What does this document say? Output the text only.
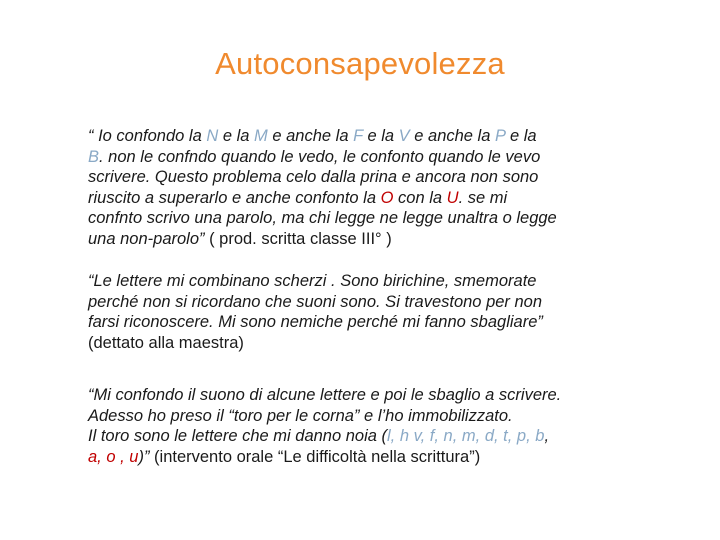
Autoconsapevolezza
“ Io confondo la N e la M e anche la F e la V e anche la P e la
B. non le confndo quando le vedo, le confonto quando le vevo
scrivere. Questo problema celo dalla prina e ancora non sono
riuscito a superarlo e anche confonto la O con la U. se mi
confnto scrivo una parolo, ma chi legge ne legge unaltra o legge
una non-parolo” ( prod. scritta classe III° )
“Le lettere mi combinano scherzi . Sono birichine, smemorate
perché non si ricordano che suoni sono. Si travestono per non
farsi riconoscere. Mi sono nemiche perché mi fanno sbagliare”
(dettato alla maestra)
“Mi confondo il suono di alcune lettere e poi le sbaglio a scrivere.
Adesso ho preso il “toro per le corna” e l’ho immobilizzato.
Il toro sono le lettere che mi danno noia (l, h v, f, n, m, d, t, p, b,
a, o , u)” (intervento orale “Le difficoltà nella scrittura”)
